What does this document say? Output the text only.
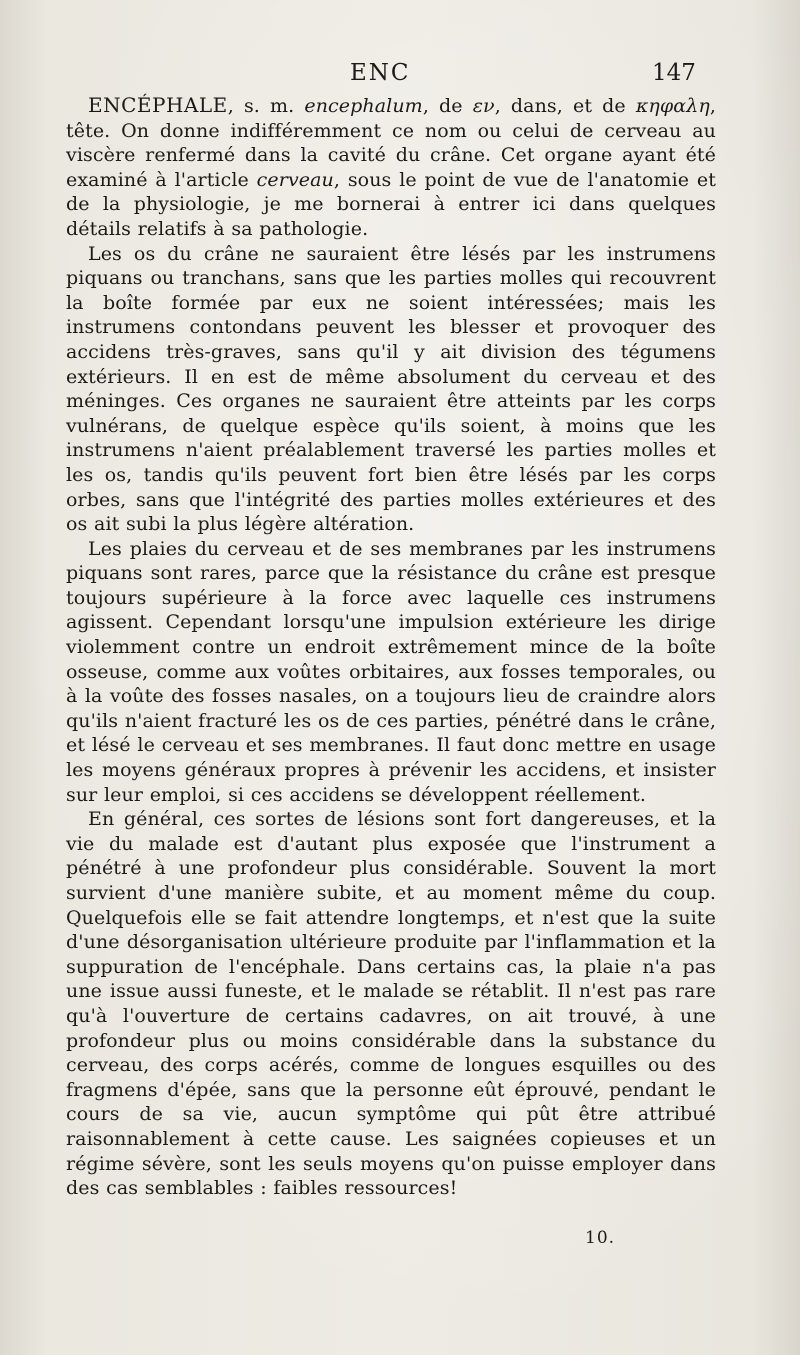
ENC	147

ENCÉPHALE, s. m. encephalum, de εν, dans, et de κηφαλη, tête. On donne indifféremment ce nom ou celui de cerveau au viscère renfermé dans la cavité du crâne. Cet organe ayant été examiné à l'article cerveau, sous le point de vue de l'anatomie et de la physiologie, je me bornerai à entrer ici dans quelques détails relatifs à sa pathologie.

Les os du crâne ne sauraient être lésés par les instrumens piquans ou tranchans, sans que les parties molles qui recouvrent la boîte formée par eux ne soient intéressées; mais les instrumens contondans peuvent les blesser et provoquer des accidens très-graves, sans qu'il y ait division des tégumens extérieurs. Il en est de même absolument du cerveau et des méninges. Ces organes ne sauraient être atteints par les corps vulnérans, de quelque espèce qu'ils soient, à moins que les instrumens n'aient préalablement traversé les parties molles et les os, tandis qu'ils peuvent fort bien être lésés par les corps orbes, sans que l'intégrité des parties molles extérieures et des os ait subi la plus légère altération.

Les plaies du cerveau et de ses membranes par les instrumens piquans sont rares, parce que la résistance du crâne est presque toujours supérieure à la force avec laquelle ces instrumens agissent. Cependant lorsqu'une impulsion extérieure les dirige violemment contre un endroit extrêmement mince de la boîte osseuse, comme aux voûtes orbitaires, aux fosses temporales, ou à la voûte des fosses nasales, on a toujours lieu de craindre alors qu'ils n'aient fracturé les os de ces parties, pénétré dans le crâne, et lésé le cerveau et ses membranes. Il faut donc mettre en usage les moyens généraux propres à prévenir les accidens, et insister sur leur emploi, si ces accidens se développent réellement.

En général, ces sortes de lésions sont fort dangereuses, et la vie du malade est d'autant plus exposée que l'instrument a pénétré à une profondeur plus considérable. Souvent la mort survient d'une manière subite, et au moment même du coup. Quelquefois elle se fait attendre longtemps, et n'est que la suite d'une désorganisation ultérieure produite par l'inflammation et la suppuration de l'encéphale. Dans certains cas, la plaie n'a pas une issue aussi funeste, et le malade se rétablit. Il n'est pas rare qu'à l'ouverture de certains cadavres, on ait trouvé, à une profondeur plus ou moins considérable dans la substance du cerveau, des corps acérés, comme de longues esquilles ou des fragmens d'épée, sans que la personne eût éprouvé, pendant le cours de sa vie, aucun symptôme qui pût être attribué raisonnablement à cette cause. Les saignées copieuses et un régime sévère, sont les seuls moyens qu'on puisse employer dans des cas semblables : faibles ressources!

10.
